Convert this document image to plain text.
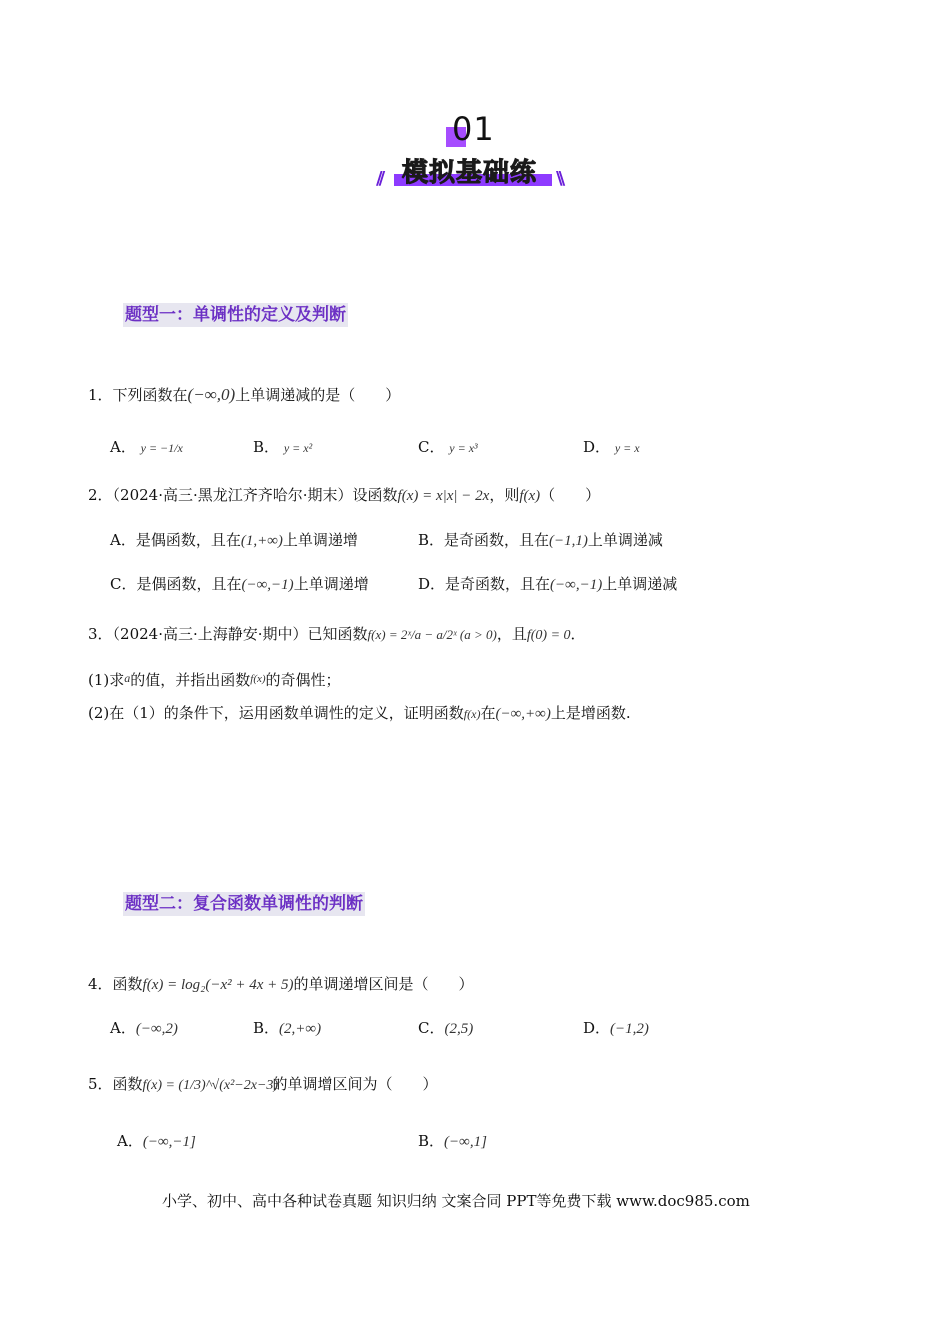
01
模拟基础练
//	\\
题型一：单调性的定义及判断
1．下列函数在(−∞,0)上单调递减的是（　　）
A． y = −1/x	B． y = x²	C． y = x³	D． y = x
2．（2024·高三·黑龙江齐齐哈尔·期末）设函数f(x) = x|x| − 2x，则f(x)（　　）
A．是偶函数，且在(1,+∞)上单调递增	B．是奇函数，且在(−1,1)上单调递减
C．是偶函数，且在(−∞,−1)上单调递增	D．是奇函数，且在(−∞,−1)上单调递减
3．（2024·高三·上海静安·期中）已知函数f(x) = 2ˣ/a − a/2ˣ (a > 0)，且f(0) = 0．
(1)求$^a$的值，并指出函数$^{f(x)}$的奇偶性；
(2)在（1）的条件下，运用函数单调性的定义，证明函数f(x)在(−∞,+∞)上是增函数.
题型二：复合函数单调性的判断
4．函数f(x) = log₂(−x² + 4x + 5)的单调递增区间是（　　）
A．(−∞,2)	B．(2,+∞)	C．(2,5)	D．(−1,2)
5．函数f(x) = (1/3)^√(x²−2x−3)的单调增区间为（　　）
A．(−∞,−1]	B．(−∞,1]
小学、初中、高中各种试卷真题 知识归纳 文案合同 PPT等免费下载 www.doc985.com
